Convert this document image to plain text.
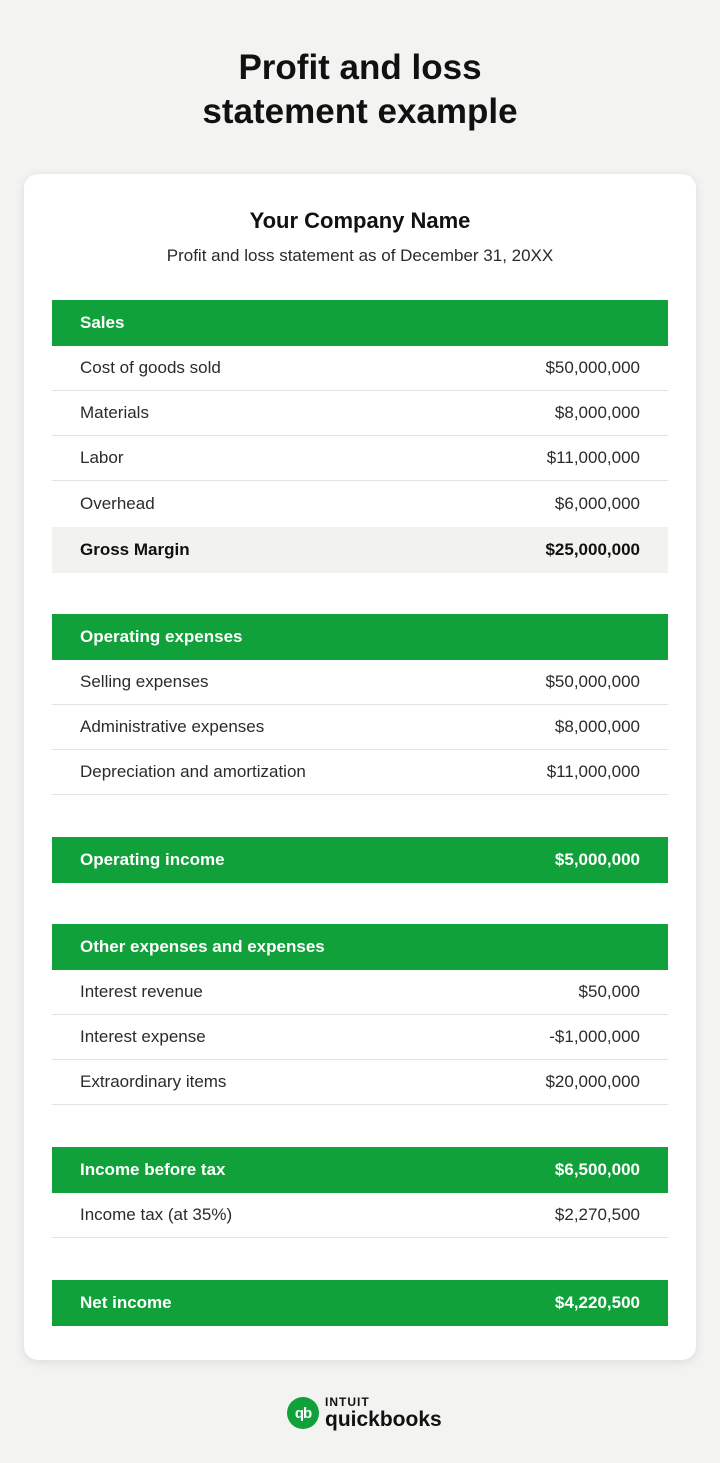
Profit and loss
statement example
Your Company Name
Profit and loss statement as of December 31, 20XX
Sales
Cost of goods sold	$50,000,000
Materials	$8,000,000
Labor	$11,000,000
Overhead	$6,000,000
Gross Margin	$25,000,000
Operating expenses
Selling expenses	$50,000,000
Administrative expenses	$8,000,000
Depreciation and amortization	$11,000,000
Operating income	$5,000,000
Other expenses and expenses
Interest revenue	$50,000
Interest expense	-$1,000,000
Extraordinary items	$20,000,000
Income before tax	$6,500,000
Income tax (at 35%)	$2,270,500
Net income	$4,220,500
qb
INTUIT
quickbooks
